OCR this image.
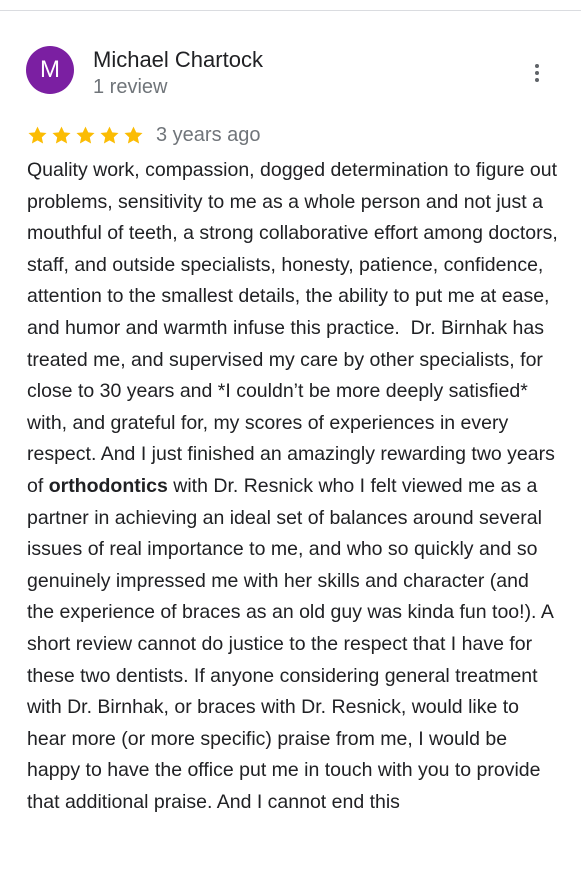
M Michael Chartock
1 review
3 years ago

Quality work, compassion, dogged determination to figure out problems, sensitivity to me as a whole person and not just a mouthful of teeth, a strong collaborative effort among doctors, staff, and outside specialists, honesty, patience, confidence, attention to the smallest details, the ability to put me at ease, and humor and warmth infuse this practice.  Dr. Birnhak has treated me, and supervised my care by other specialists, for close to 30 years and *I couldn’t be more deeply satisfied* with, and grateful for, my scores of experiences in every respect. And I just finished an amazingly rewarding two years of orthodontics with Dr. Resnick who I felt viewed me as a partner in achieving an ideal set of balances around several issues of real importance to me, and who so quickly and so genuinely impressed me with her skills and character (and the experience of braces as an old guy was kinda fun too!). A short review cannot do justice to the respect that I have for these two dentists. If anyone considering general treatment with Dr. Birnhak, or braces with Dr. Resnick, would like to hear more (or more specific) praise from me, I would be happy to have the office put me in touch with you to provide that additional praise. And I cannot end this
